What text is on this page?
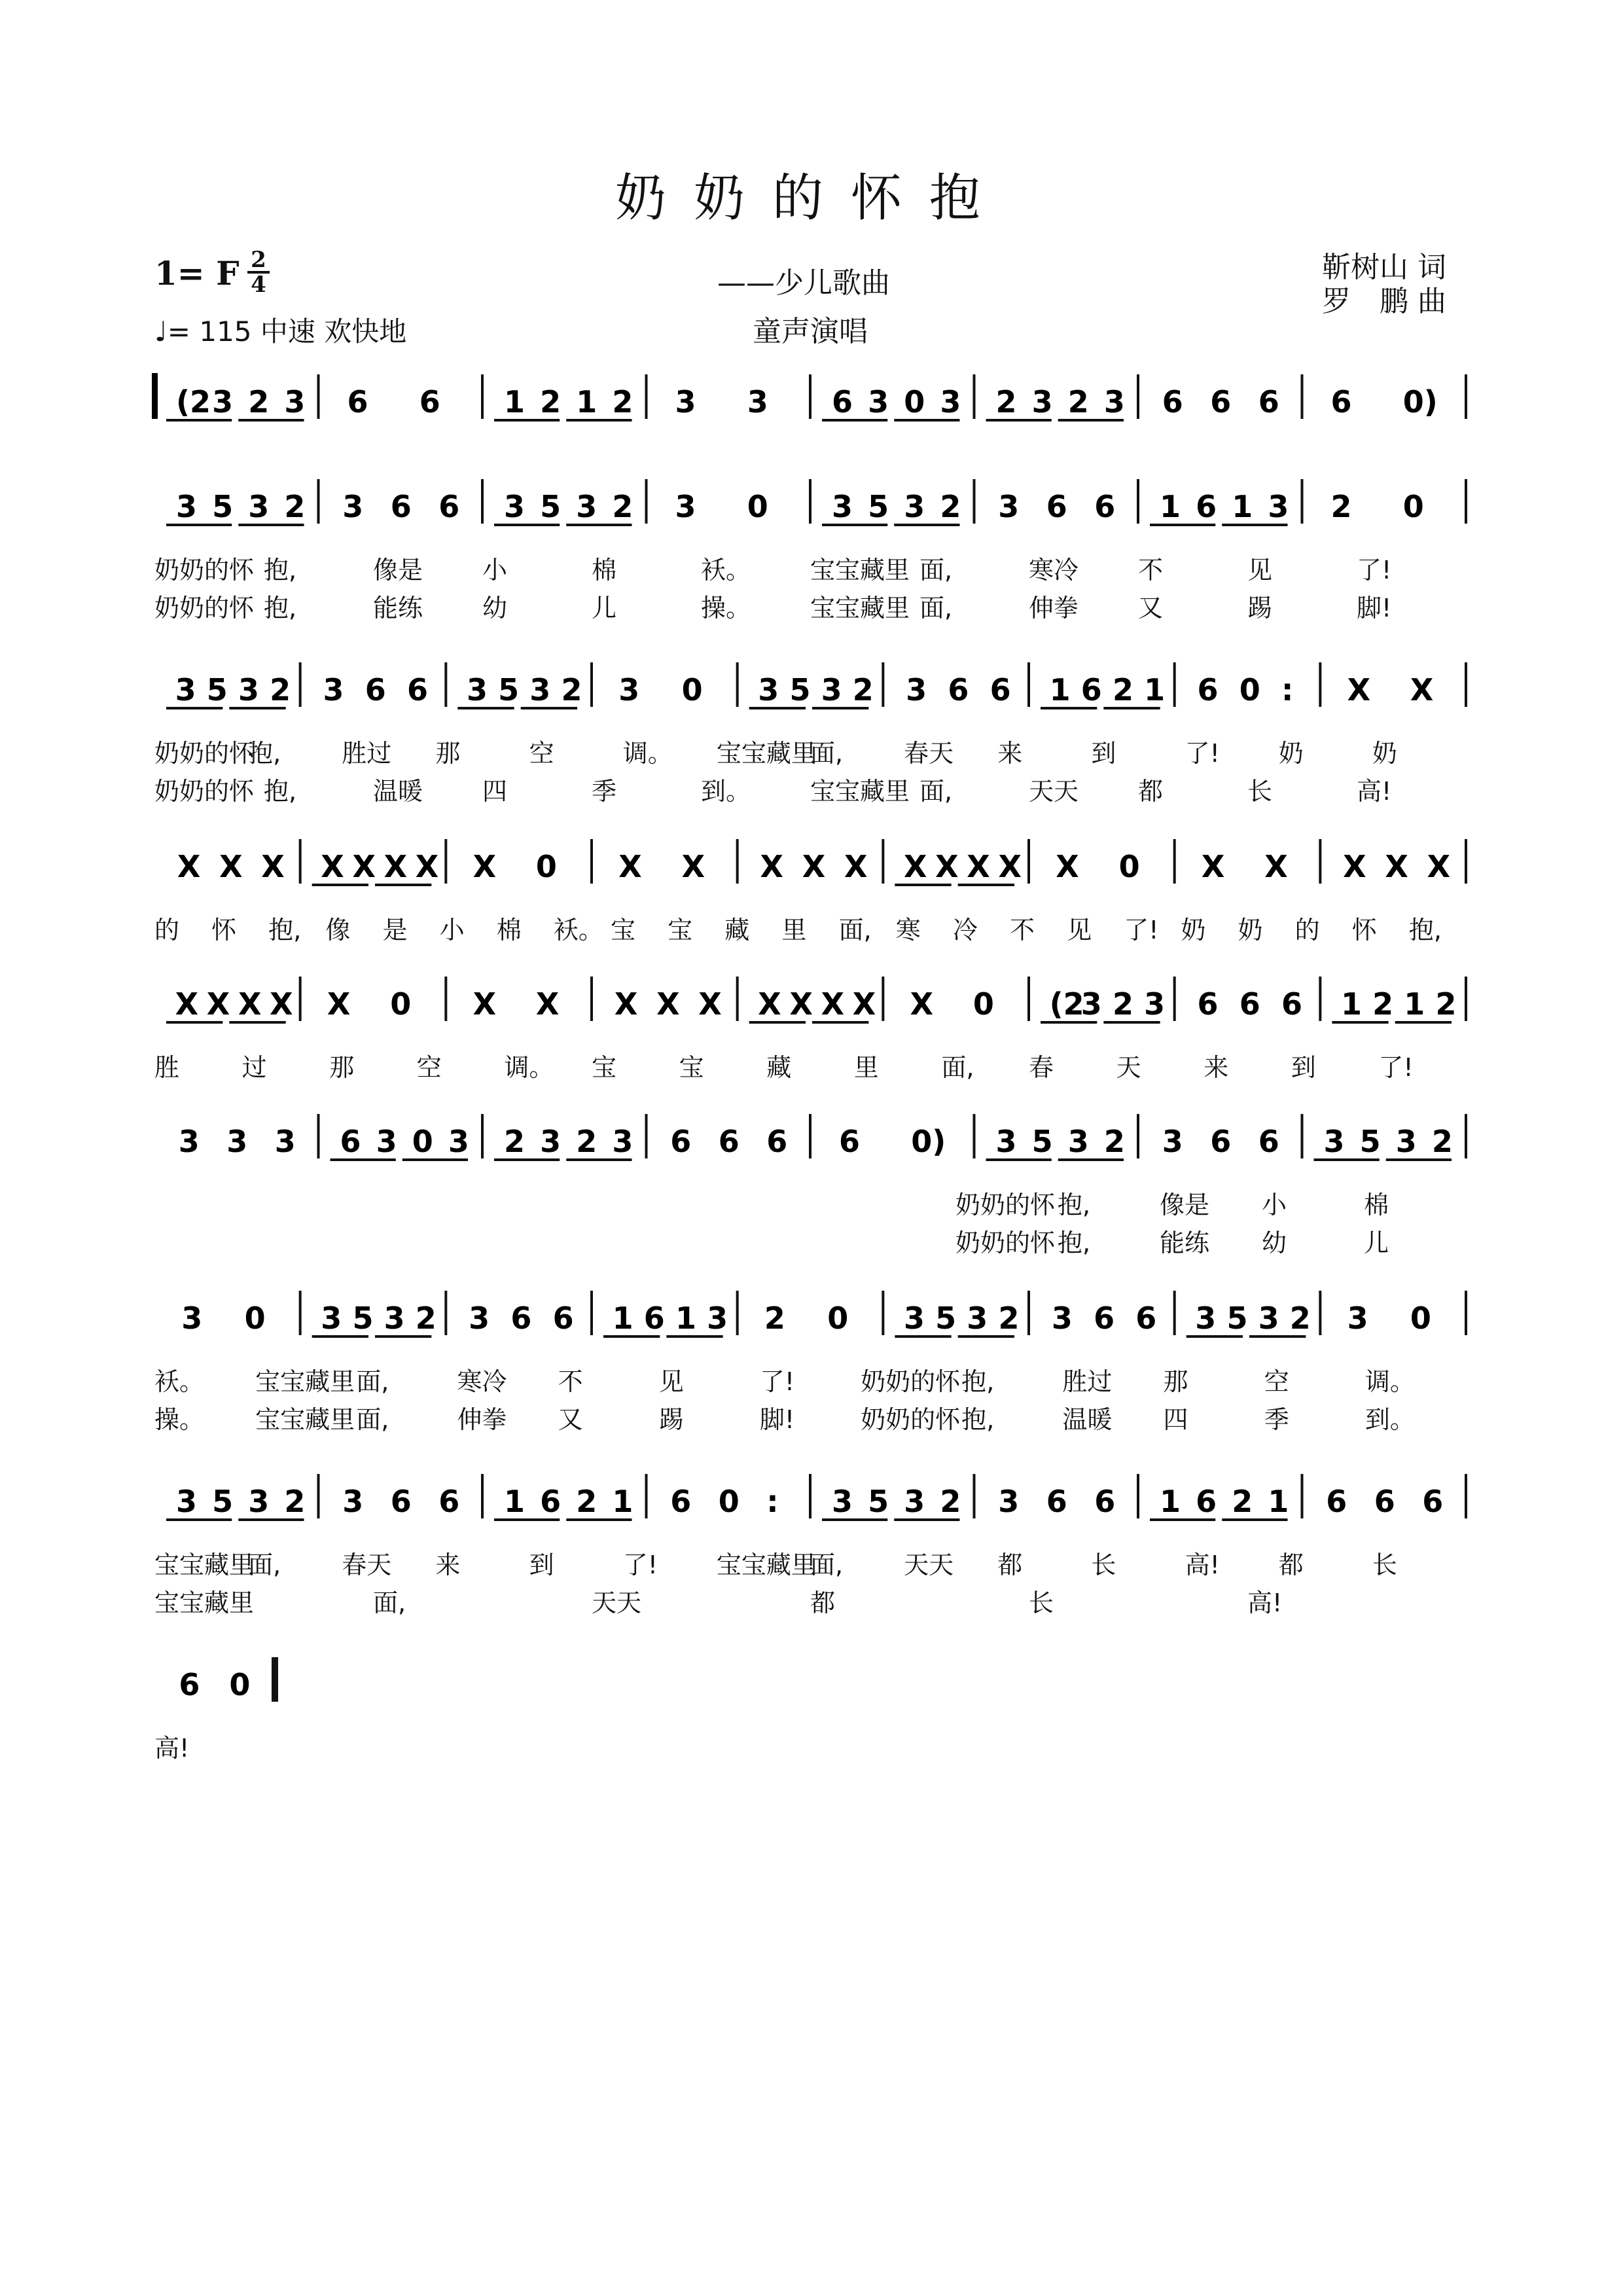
奶奶的怀抱
1= F 2
4
♩= 115 中速 欢快地
——少儿歌曲
童声演唱
靳树山 词
罗　鹏 曲
(2 3 2 3 6 6 1 2 1 2 3 3 6 3 0 3 2 3 2 3 6 6 6 6 0)
3 5 3 2 3 6 6 3 5 3 2 3 0 3 5 3 2 3 6 6 1 6 1 3 2 0
奶奶的怀 抱,	像是 小	棉	袄。 宝宝藏里 面,	寒冷 不	见	了!
奶奶的怀 抱,	能练 幼	儿	操。 宝宝藏里 面,	伸拳 又	踢	脚!
3 5 3 2 3 6 6 3 5 3 2 3 0 3 5 3 2 3 6 6 1 6 2 1 6 0 : X X
奶奶的怀
抱, 胜过 那	空	调。 宝宝藏里
面, 春天 来	到	了! 奶	奶
奶奶的怀 抱,	温暖 四	季	到。 宝宝藏里 面,	天天 都	长	高!
X X X X X X X X 0 X X X X X X X X X X 0 X X X X X
的 怀 抱, 像 是 小 棉 袄。 宝 宝 藏 里 面, 寒 冷 不 见 了! 奶 奶 的 怀 抱,
X X X X X 0 X X X X X X X X X X 0 (2
3 2 3 6 6 6 1 2 1 2
胜	过	那	空	调。 宝	宝	藏	里	面, 春	天	来	到	了!
3 3 3 6 3 0 3 2 3 2 3 6 6 6 6 0) 3 5 3 2 3 6 6 3 5 3 2
奶奶的怀 抱,	像是 小	棉
奶奶的怀 抱,	能练 幼	儿
3 0 3 5 3 2 3 6 6 1 6 1 3 2 0 3 5 3 2 3 6 6 3 5 3 2 3 0
袄。 宝宝藏里 面,	寒冷 不	见	了!	奶奶的怀 抱,	胜过 那	空	调。
操。 宝宝藏里 面,	伸拳 又	踢	脚!	奶奶的怀 抱,	温暖 四	季	到。
3 5 3 2 3 6 6 1 6 2 1 6 0 : 3 5 3 2 3 6 6 1 6 2 1 6 6 6
宝宝藏里
面, 春天 来	到	了! 宝宝藏里
面, 天天 都	长	高! 都	长
宝宝藏里	面,	天天	都	长	高!
6 0
高!
